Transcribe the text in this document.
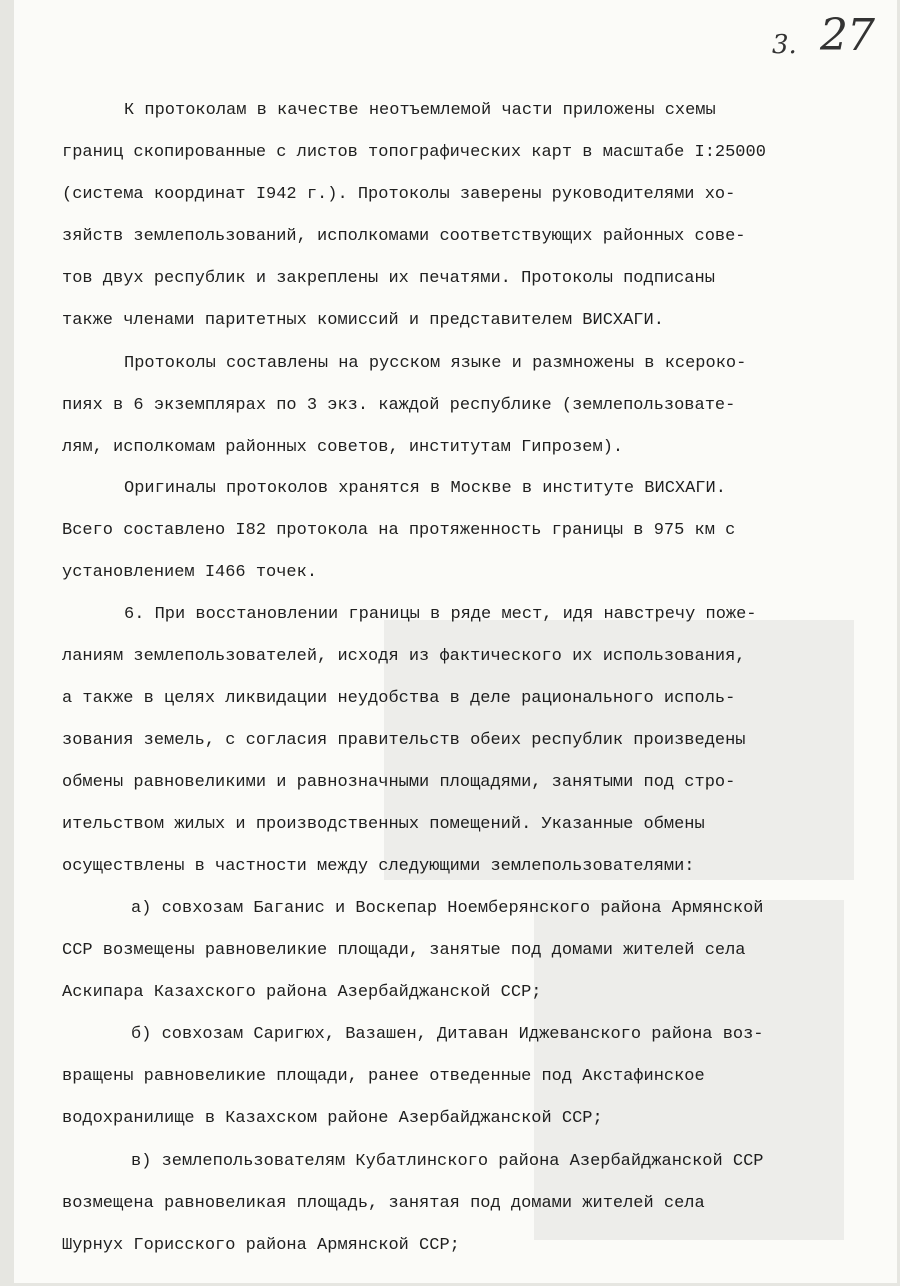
3. 27
К протоколам в качестве неотъемлемой части приложены схемы
границ скопированные с листов топографических карт в масштабе I:25000
(система координат I942 г.). Протоколы заверены руководителями хо-
зяйств землепользований, исполкомами соответствующих районных сове-
тов двух республик и закреплены их печатями. Протоколы подписаны
также членами паритетных комиссий и представителем ВИСХАГИ.
Протоколы составлены на русском языке и размножены в ксероко-
пиях в 6 экземплярах по 3 экз. каждой республике (землепользовате-
лям, исполкомам районных советов, институтам Гипрозем).
Оригиналы протоколов хранятся в Москве в институте ВИСХАГИ.
Всего составлено I82 протокола на протяженность границы в 975 км с
установлением I466 точек.
6. При восстановлении границы в ряде мест, идя навстречу поже-
ланиям землепользователей, исходя из фактического их использования,
а также в целях ликвидации неудобства в деле рационального исполь-
зования земель, с согласия правительств обеих республик произведены
обмены равновеликими и равнозначными площадями, занятыми под стро-
ительством жилых и производственных помещений. Указанные обмены
осуществлены в частности между следующими землепользователями:
а) совхозам Баганис и Воскепар Ноемберянского района Армянской
ССР возмещены равновеликие площади, занятые под домами жителей села
Аскипара Казахского района Азербайджанской ССР;
б) совхозам Саригюх, Вазашен, Дитаван Иджеванского района воз-
вращены равновеликие площади, ранее отведенные под Акстафинское
водохранилище в Казахском районе Азербайджанской ССР;
в) землепользователям Кубатлинского района Азербайджанской ССР
возмещена равновеликая площадь, занятая под домами жителей села
Шурнух Горисского района Армянской ССР;
